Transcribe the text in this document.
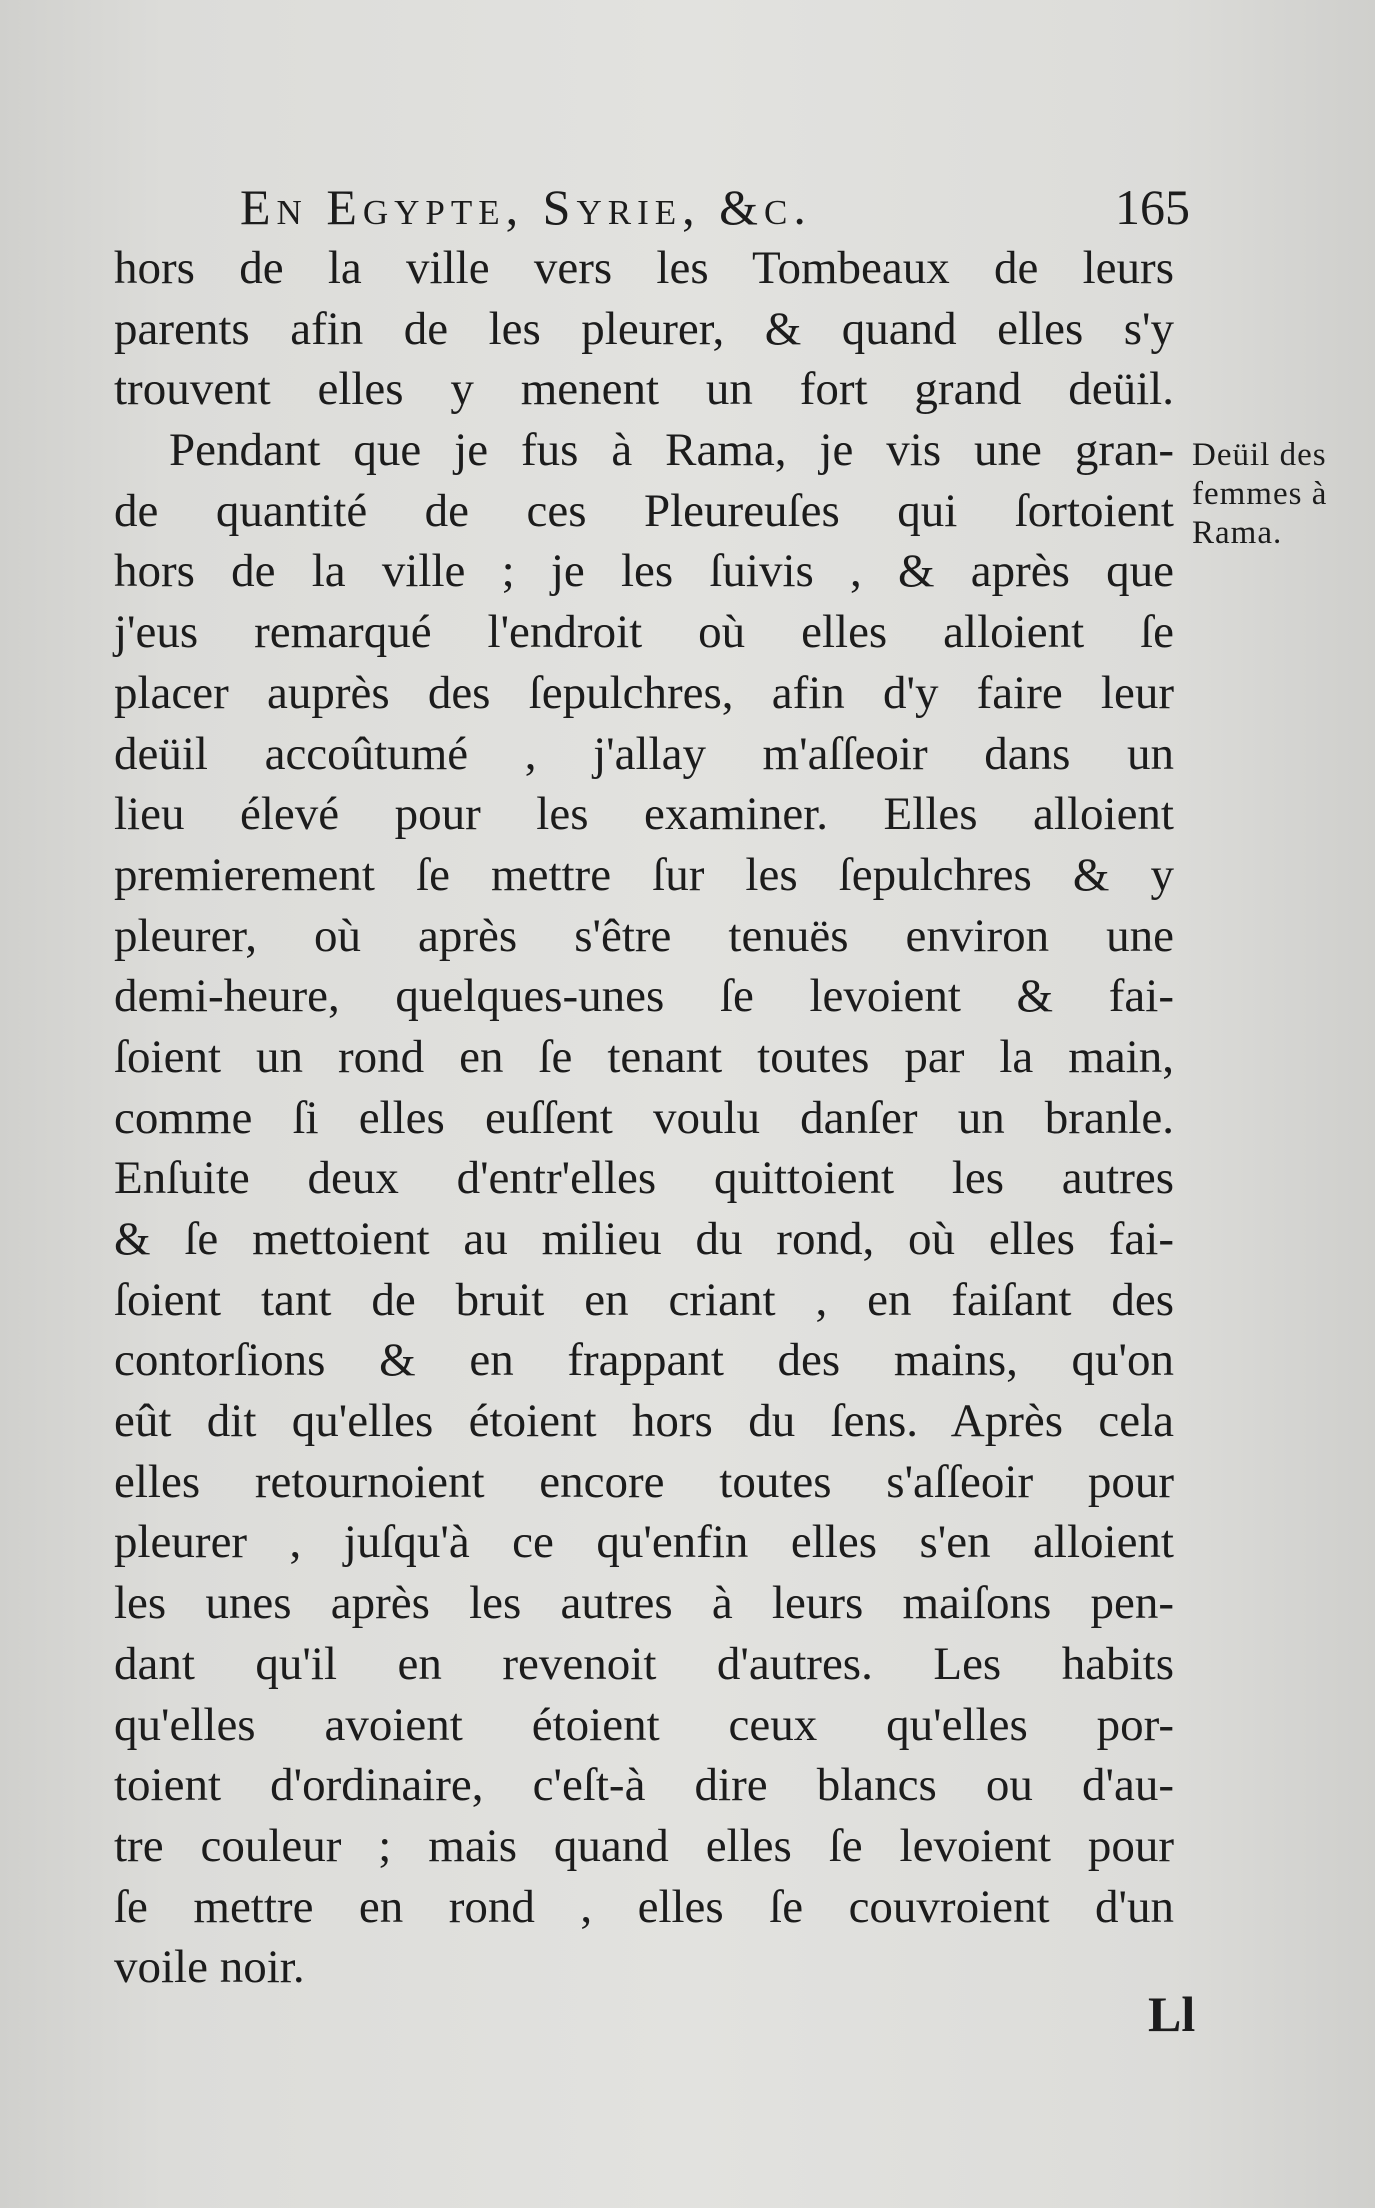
En Egypte, Syrie, &c.	165
hors de la ville vers les Tombeaux de leurs
parents afin de les pleurer, & quand elles s'y
trouvent elles y menent un fort grand deüil.
Pendant que je fus à Rama, je vis une gran-
de quantité de ces Pleureuſes qui ſortoient
hors de la ville ; je les ſuivis , & après que
j'eus remarqué l'endroit où elles alloient ſe
placer auprès des ſepulchres, afin d'y faire leur
deüil accoûtumé , j'allay m'aſſeoir dans un
lieu élevé pour les examiner. Elles alloient
premierement ſe mettre ſur les ſepulchres & y
pleurer, où après s'être tenuës environ une
demi-heure, quelques-unes ſe levoient & fai-
ſoient un rond en ſe tenant toutes par la main,
comme ſi elles euſſent voulu danſer un branle.
Enſuite deux d'entr'elles quittoient les autres
& ſe mettoient au milieu du rond, où elles fai-
ſoient tant de bruit en criant , en faiſant des
contorſions & en frappant des mains, qu'on
eût dit qu'elles étoient hors du ſens. Après cela
elles retournoient encore toutes s'aſſeoir pour
pleurer , juſqu'à ce qu'enfin elles s'en alloient
les unes après les autres à leurs maiſons pen-
dant qu'il en revenoit d'autres. Les habits
qu'elles avoient étoient ceux qu'elles por-
toient d'ordinaire, c'eſt-à dire blancs ou d'au-
tre couleur ; mais quand elles ſe levoient pour
ſe mettre en rond , elles ſe couvroient d'un
voile noir.
Deüil des
femmes à
Rama.
Ll
